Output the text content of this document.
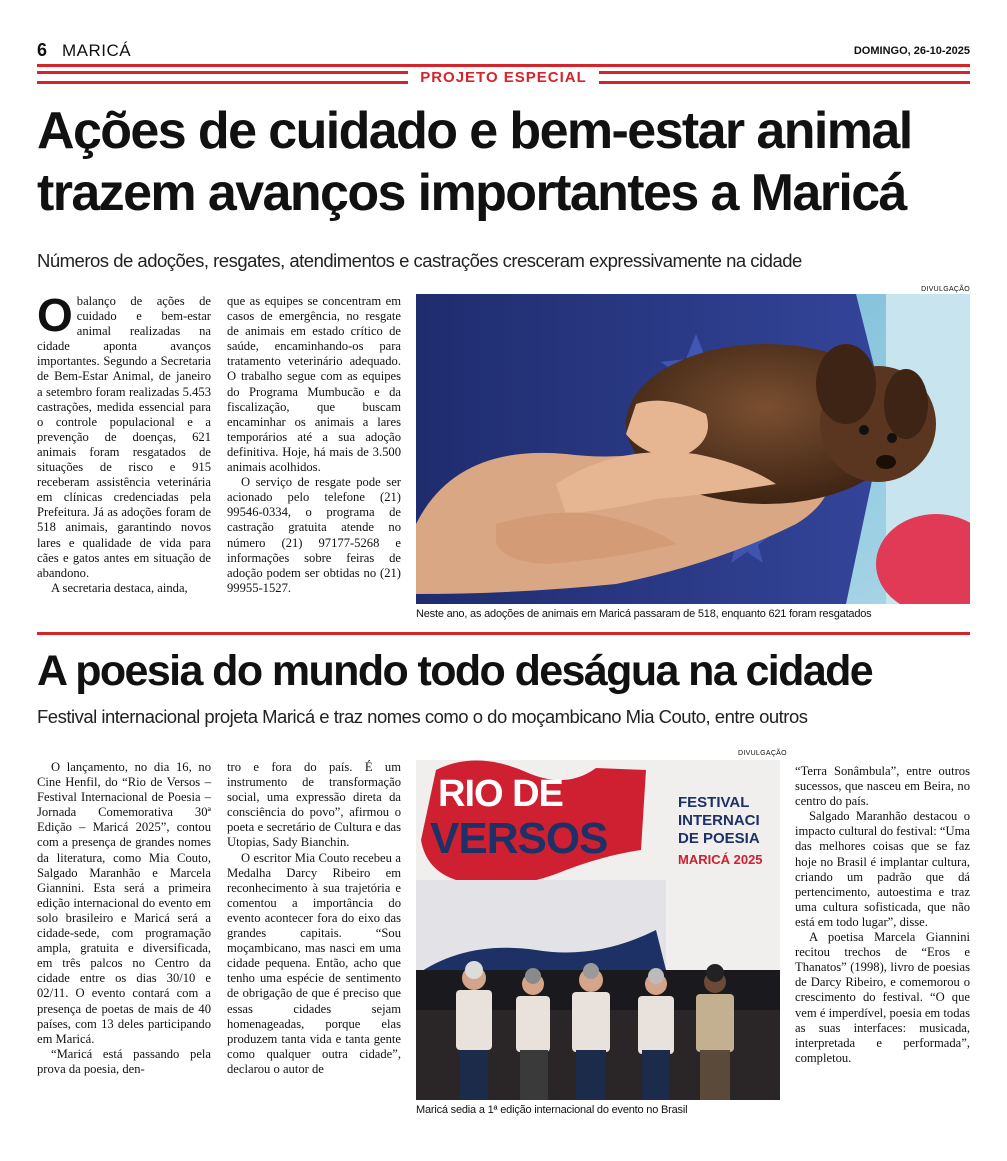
6 MARICÁ	DOMINGO, 26-10-2025
PROJETO ESPECIAL
Ações de cuidado e bem-estar animal
trazem avanços importantes a Maricá
Números de adoções, resgates, atendimentos e castrações cresceram expressivamente na cidade
O balanço de ações de cuidado e bem-estar animal realizadas na cidade aponta avanços importantes. Segundo a Secretaria de Bem-Estar Animal, de janeiro a setembro foram realizadas 5.453 castrações, medida essencial para o controle populacional e a prevenção de doenças, 621 animais foram resgatados de situações de risco e 915 receberam assistência veterinária em clínicas credenciadas pela Prefeitura. Já as adoções foram de 518 animais, garantindo novos lares e qualidade de vida para cães e gatos antes em situação de abandono.

A secretaria destaca, ainda,

que as equipes se concentram em casos de emergência, no resgate de animais em estado crítico de saúde, encaminhando-os para tratamento veterinário adequado. O trabalho segue com as equipes do Programa Mumbucão e da fiscalização, que buscam encaminhar os animais a lares temporários até a sua adoção definitiva. Hoje, há mais de 3.500 animais acolhidos.

O serviço de resgate pode ser acionado pelo telefone (21) 99546-0334, o programa de castração gratuita atende no número (21) 97177-5268 e informações sobre feiras de adoção podem ser obtidas no (21) 99955-1527.

DIVULGAÇÃO
Neste ano, as adoções de animais em Maricá passaram de 518, enquanto 621 foram resgatados
A poesia do mundo todo deságua na cidade
Festival internacional projeta Maricá e traz nomes como o do moçambicano Mia Couto, entre outros

O lançamento, no dia 16, no Cine Henfil, do “Rio de Versos – Festival Internacional de Poesia – Jornada Comemorativa 30ª Edição – Maricá 2025”, contou com a presença de grandes nomes da literatura, como Mia Couto, Salgado Maranhão e Marcela Giannini. Esta será a primeira edição internacional do evento em solo brasileiro e Maricá será a cidade-sede, com programação ampla, gratuita e diversificada, em três palcos no Centro da cidade entre os dias 30/10 e 02/11. O evento contará com a presença de poetas de mais de 40 países, com 13 deles participando em Maricá.

“Maricá está passando pela prova da poesia, den-

tro e fora do país. É um instrumento de transformação social, uma expressão direta da consciência do povo”, afirmou o poeta e secretário de Cultura e das Utopias, Sady Bianchin.

O escritor Mia Couto recebeu a Medalha Darcy Ribeiro em reconhecimento à sua trajetória e comentou a importância do evento acontecer fora do eixo das grandes capitais. “Sou moçambicano, mas nasci em uma cidade pequena. Então, acho que tenho uma espécie de sentimento de obrigação de que é preciso que essas cidades sejam homenageadas, porque elas produzem tanta vida e tanta gente como qualquer outra cidade”, declarou o autor de

DIVULGAÇÃO
RIO DE
VERSOS
FESTIVAL
INTERNACI
DE POESIA
MARICÁ 2025
Maricá sedia a 1ª edição internacional do evento no Brasil

“Terra Sonâmbula”, entre outros sucessos, que nasceu em Beira, no centro do país.

Salgado Maranhão destacou o impacto cultural do festival: “Uma das melhores coisas que se faz hoje no Brasil é implantar cultura, criando um padrão que dá pertencimento, autoestima e traz uma cultura sofisticada, que não está em todo lugar”, disse.

A poetisa Marcela Giannini recitou trechos de “Eros e Thanatos” (1998), livro de poesias de Darcy Ribeiro, e comemorou o crescimento do festival. “O que vem é imperdível, poesia em todas as suas interfaces: musicada, interpretada e performada”, completou.
